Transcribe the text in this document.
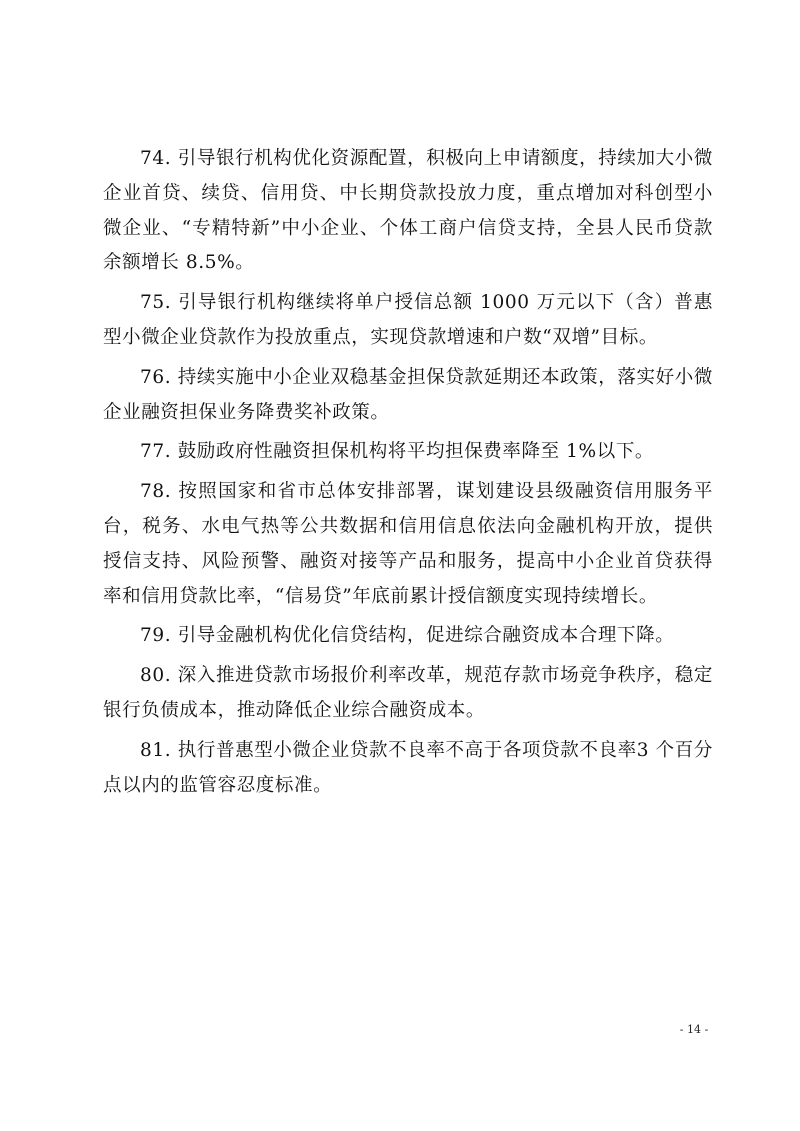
74. 引导银行机构优化资源配置，积极向上申请额度，持续加大小微企业首贷、续贷、信用贷、中长期贷款投放力度，重点增加对科创型小微企业、“专精特新”中小企业、个体工商户信贷支持，全县人民币贷款余额增长 8.5%。

75. 引导银行机构继续将单户授信总额 1000 万元以下（含）普惠型小微企业贷款作为投放重点，实现贷款增速和户数“双增”目标。

76. 持续实施中小企业双稳基金担保贷款延期还本政策，落实好小微企业融资担保业务降费奖补政策。

77. 鼓励政府性融资担保机构将平均担保费率降至 1%以下。

78. 按照国家和省市总体安排部署，谋划建设县级融资信用服务平台，税务、水电气热等公共数据和信用信息依法向金融机构开放，提供授信支持、风险预警、融资对接等产品和服务，提高中小企业首贷获得率和信用贷款比率，“信易贷”年底前累计授信额度实现持续增长。

79. 引导金融机构优化信贷结构，促进综合融资成本合理下降。

80. 深入推进贷款市场报价利率改革，规范存款市场竞争秩序，稳定银行负债成本，推动降低企业综合融资成本。

81. 执行普惠型小微企业贷款不良率不高于各项贷款不良率3 个百分点以内的监管容忍度标准。

- 14 -
